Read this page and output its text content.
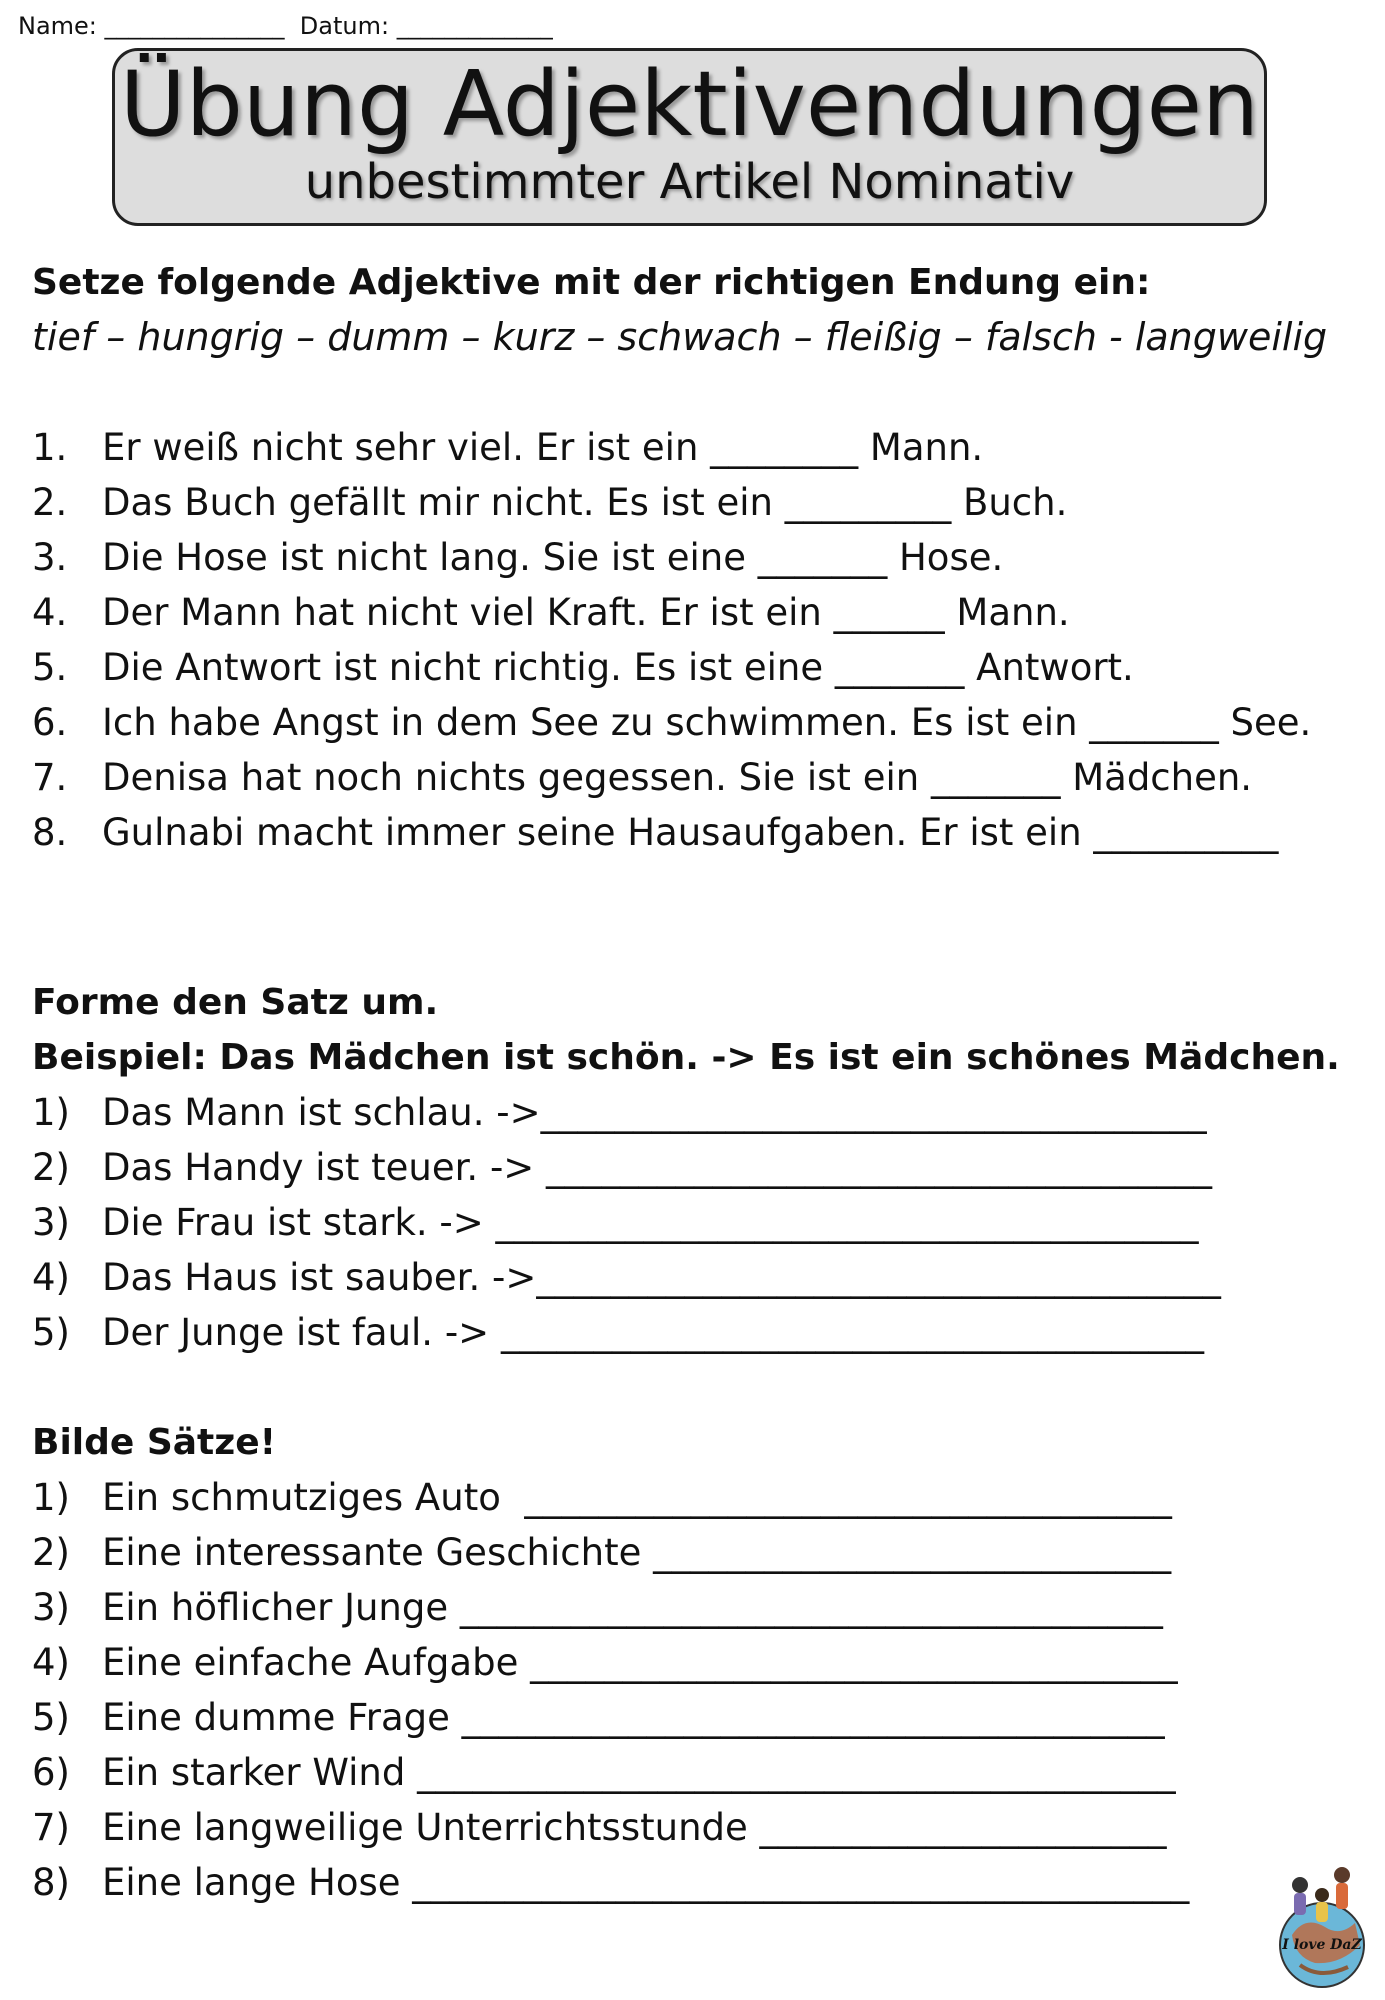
Name: _______________ Datum: _____________
Übung Adjektivendungen
unbestimmter Artikel Nominativ
Setze folgende Adjektive mit der richtigen Endung ein:
tief – hungrig – dumm – kurz – schwach – fleißig – falsch - langweilig
1. Er weiß nicht sehr viel. Er ist ein ________ Mann.
2. Das Buch gefällt mir nicht. Es ist ein _________ Buch.
3. Die Hose ist nicht lang. Sie ist eine _______ Hose.
4. Der Mann hat nicht viel Kraft. Er ist ein ______ Mann.
5. Die Antwort ist nicht richtig. Es ist eine _______ Antwort.
6. Ich habe Angst in dem See zu schwimmen. Es ist ein _______ See.
7. Denisa hat noch nichts gegessen. Sie ist ein _______ Mädchen.
8. Gulnabi macht immer seine Hausaufgaben. Er ist ein __________
Forme den Satz um.
Beispiel: Das Mädchen ist schön. -> Es ist ein schönes Mädchen.
1) Das Mann ist schlau. ->____________________________________
2) Das Handy ist teuer. -> ____________________________________
3) Die Frau ist stark. -> ______________________________________
4) Das Haus ist sauber. ->_____________________________________
5) Der Junge ist faul. -> ______________________________________
Bilde Sätze!
1) Ein schmutziges Auto  ___________________________________
2) Eine interessante Geschichte ____________________________
3) Ein höflicher Junge ______________________________________
4) Eine einfache Aufgabe ___________________________________
5) Eine dumme Frage ______________________________________
6) Ein starker Wind _________________________________________
7) Eine langweilige Unterrichtsstunde ______________________
8) Eine lange Hose __________________________________________
I love DaZ
